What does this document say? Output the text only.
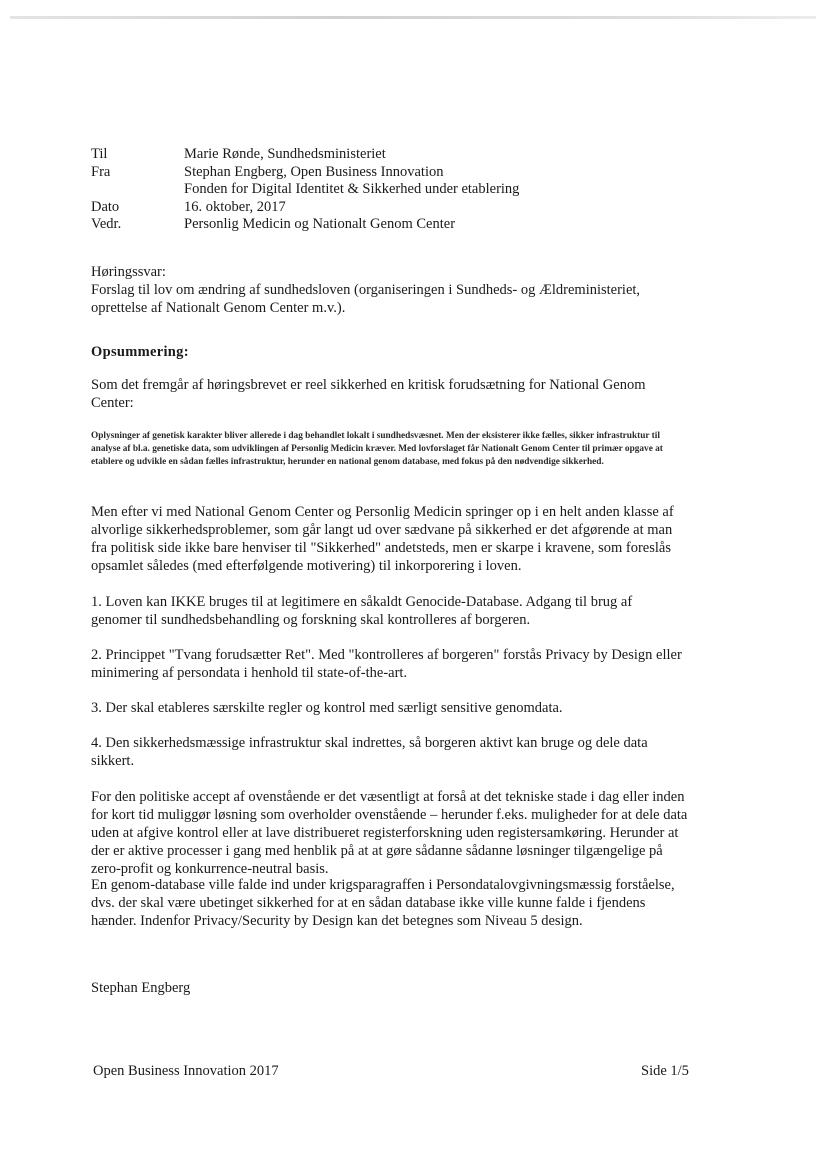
Til	Marie Rønde, Sundhedsministeriet
Fra	Stephan Engberg, Open Business Innovation
Fonden for Digital Identitet & Sikkerhed under etablering
Dato	16. oktober, 2017
Vedr.	Personlig Medicin og Nationalt Genom Center
Høringssvar:
Forslag til lov om ændring af sundhedsloven (organiseringen i Sundheds- og Ældreministeriet, oprettelse af Nationalt Genom Center m.v.).
Opsummering:
Som det fremgår af høringsbrevet er reel sikkerhed en kritisk forudsætning for National Genom Center:
Oplysninger af genetisk karakter bliver allerede i dag behandlet lokalt i sundhedsvæsnet. Men der eksisterer ikke fælles, sikker infrastruktur til analyse af bl.a. genetiske data, som udviklingen af Personlig Medicin kræver. Med lovforslaget får Nationalt Genom Center til primær opgave at etablere og udvikle en sådan fælles infrastruktur, herunder en national genom database, med fokus på den nødvendige sikkerhed.
Men efter vi med National Genom Center og Personlig Medicin springer op i en helt anden klasse af alvorlige sikkerhedsproblemer, som går langt ud over sædvane på sikkerhed er det afgørende at man fra politisk side ikke bare henviser til "Sikkerhed" andetsteds, men er skarpe i kravene, som foreslås opsamlet således (med efterfølgende motivering) til inkorporering i loven.
1. Loven kan IKKE bruges til at legitimere en såkaldt Genocide-Database. Adgang til brug af genomer til sundhedsbehandling og forskning skal kontrolleres af borgeren.
2. Princippet "Tvang forudsætter Ret". Med "kontrolleres af borgeren" forstås Privacy by Design eller minimering af persondata i henhold til state-of-the-art.
3. Der skal etableres særskilte regler og kontrol med særligt sensitive genomdata.
4. Den sikkerhedsmæssige infrastruktur skal indrettes, så borgeren aktivt kan bruge og dele data sikkert.
For den politiske accept af ovenstående er det væsentligt at forså at det tekniske stade i dag eller inden for kort tid muliggør løsning som overholder ovenstående – herunder f.eks. muligheder for at dele data uden at afgive kontrol eller at lave distribueret registerforskning uden registersamkøring. Herunder at der er aktive processer i gang med henblik på at at gøre sådanne sådanne løsninger tilgængelige på zero-profit og konkurrence-neutral basis.
En genom-database ville falde ind under krigsparagraffen i Persondatalovgivningsmæssig forståelse, dvs. der skal være ubetinget sikkerhed for at en sådan database ikke ville kunne falde i fjendens hænder. Indenfor Privacy/Security by Design kan det betegnes som Niveau 5 design.
Stephan Engberg
Open Business Innovation 2017	Side 1/5
